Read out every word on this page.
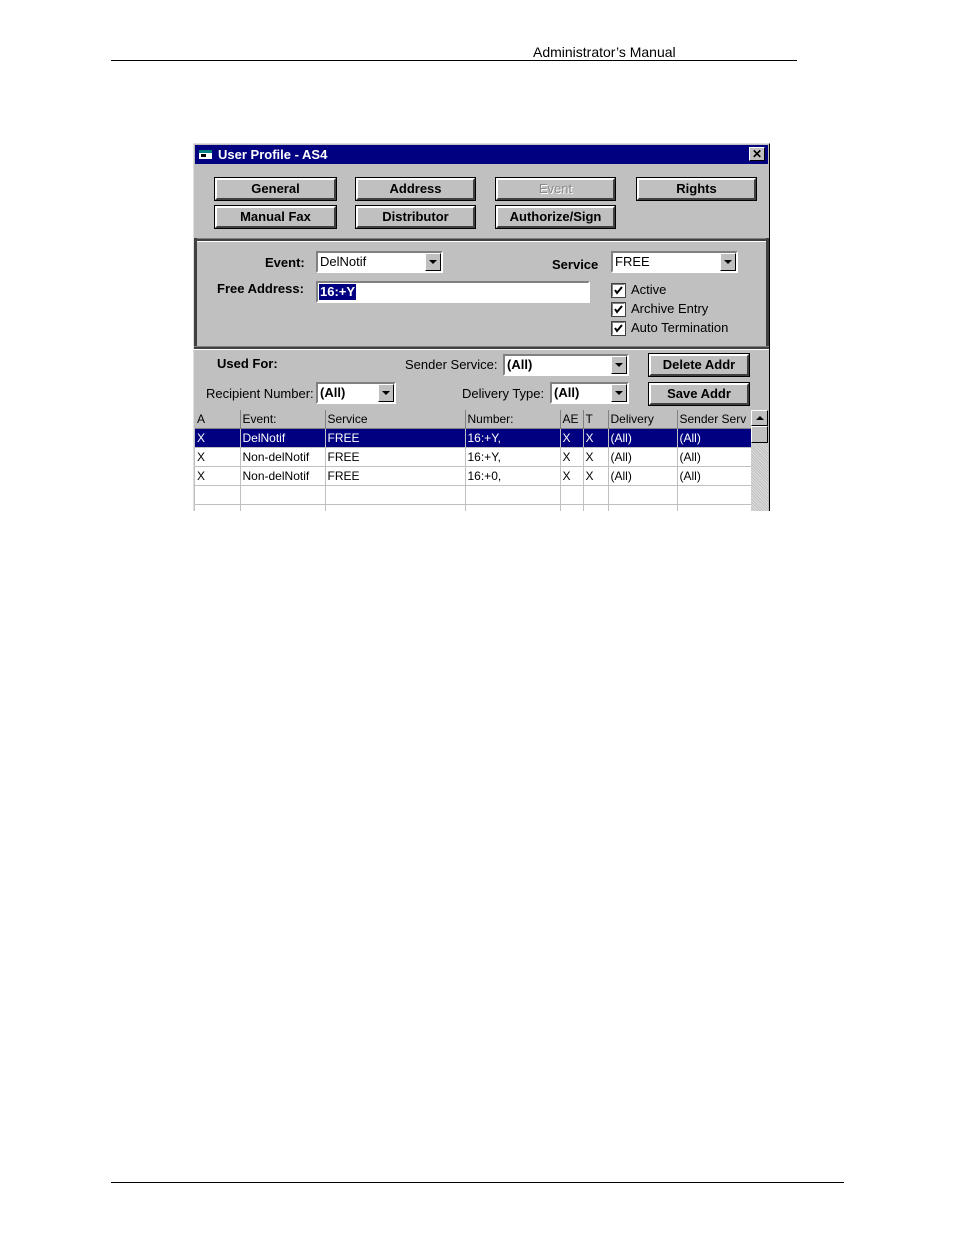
Administrator’s Manual
User Profile - AS4	✕
General	Address	Event	Rights
Manual Fax	Distributor	Authorize/Sign
Event: DelNotif	Service FREE
Free Address: 16:+Y	Active
Archive Entry
Auto Termination
Used For:	Sender Service: (All)	Delete Addr
Recipient Number: (All)	Delivery Type: (All)	Save Addr
A	Event:	Service	Number:	AE	T	Delivery	Sender Serv
X	DelNotif	FREE	16:+Y,	X	X	(All)	(All)
X	Non-delNotif	FREE	16:+Y,	X	X	(All)	(All)
X	Non-delNotif	FREE	16:+0,	X	X	(All)	(All)
